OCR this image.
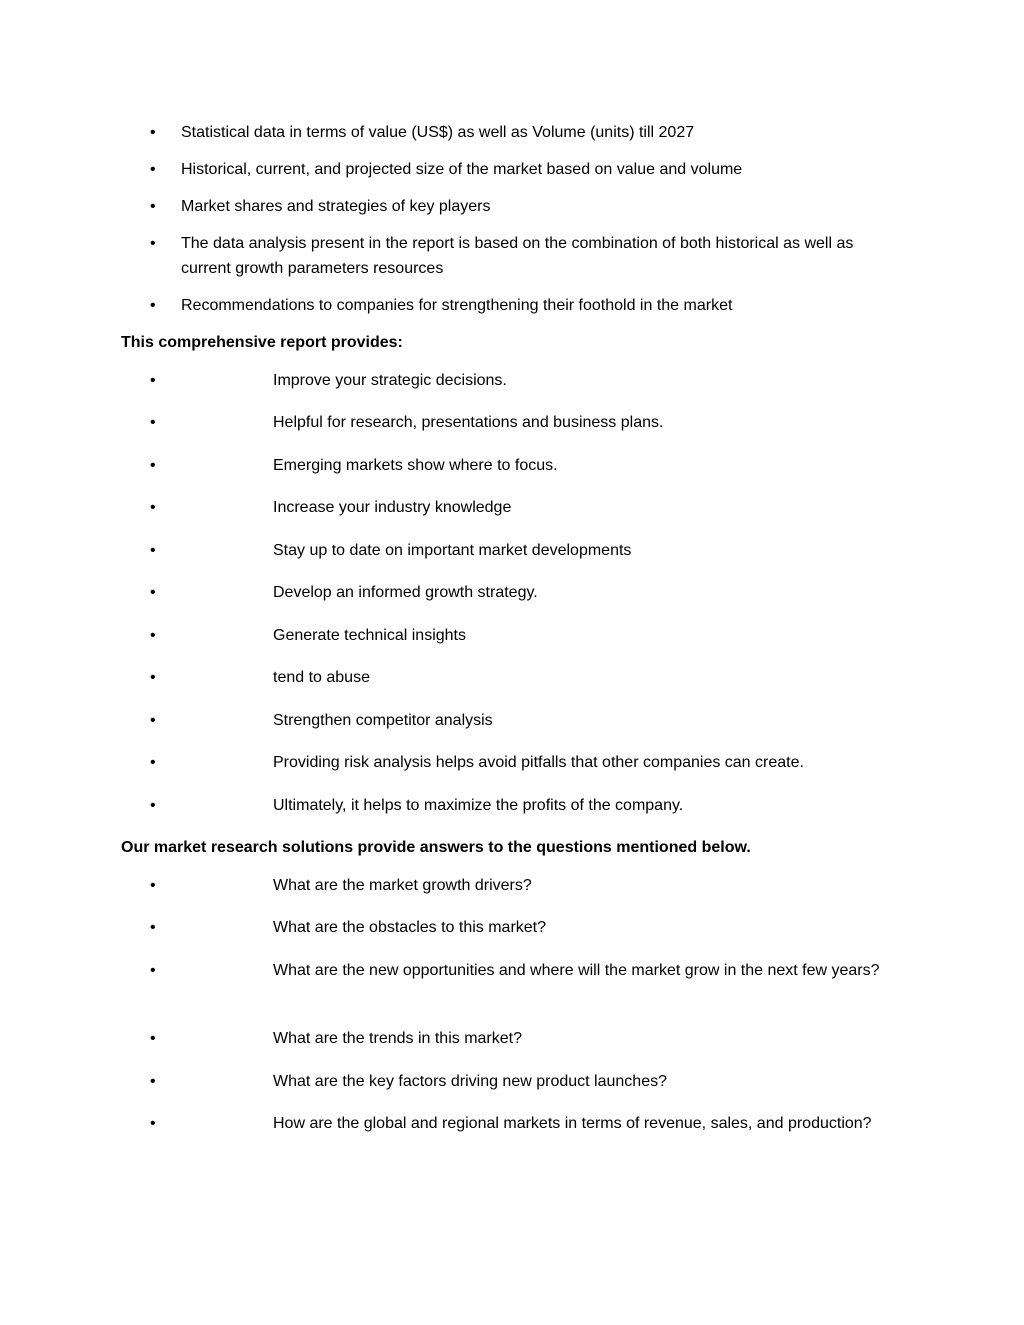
• Statistical data in terms of value (US$) as well as Volume (units) till 2027
• Historical, current, and projected size of the market based on value and volume
• Market shares and strategies of key players
• The data analysis present in the report is based on the combination of both historical as well as current growth parameters resources
• Recommendations to companies for strengthening their foothold in the market
This comprehensive report provides:
•	Improve your strategic decisions.
•	Helpful for research, presentations and business plans.
•	Emerging markets show where to focus.
•	Increase your industry knowledge
•	Stay up to date on important market developments
•	Develop an informed growth strategy.
•	Generate technical insights
•	tend to abuse
•	Strengthen competitor analysis
•	Providing risk analysis helps avoid pitfalls that other companies can create.
•	Ultimately, it helps to maximize the profits of the company.
Our market research solutions provide answers to the questions mentioned below.
•	What are the market growth drivers?
•	What are the obstacles to this market?
•	What are the new opportunities and where will the market grow in the next few years?
•	What are the trends in this market?
•	What are the key factors driving new product launches?
•	How are the global and regional markets in terms of revenue, sales, and production?
